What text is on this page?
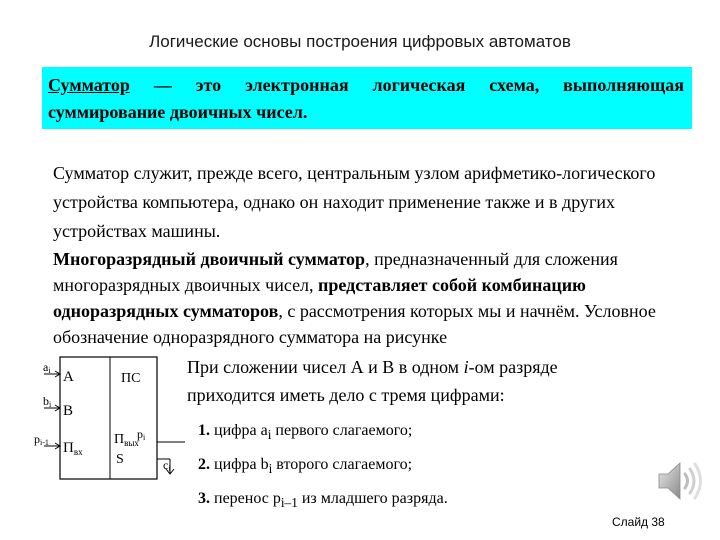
Логические основы построения цифровых автоматов
Сумматор — это электронная логическая схема, выполняющая
суммирование двоичных чисел.
Сумматор служит, прежде всего, центральным узлом арифметико-логического устройства компьютера, однако он находит применение также и в других устройствах машины.
Многоразрядный двоичный сумматор, предназначенный для сложения многоразрядных двоичных чисел, представляет собой комбинацию одноразрядных сумматоров, с рассмотрения которых мы и начнём. Условное обозначение одноразрядного сумматора на рисунке
ai
bi
pi-1
A
B
$П_{вх}$
ΠС
$П_{вых}$
S
pi
ci
При сложении чисел А и В в одном i-ом разряде
приходится иметь дело с тремя цифрами:
1. цифра $a_i$ первого слагаемого;
2. цифра $b_i$ второго слагаемого;
3. перенос $p_{i-1}$ из младшего разряда.
Слайд 38
